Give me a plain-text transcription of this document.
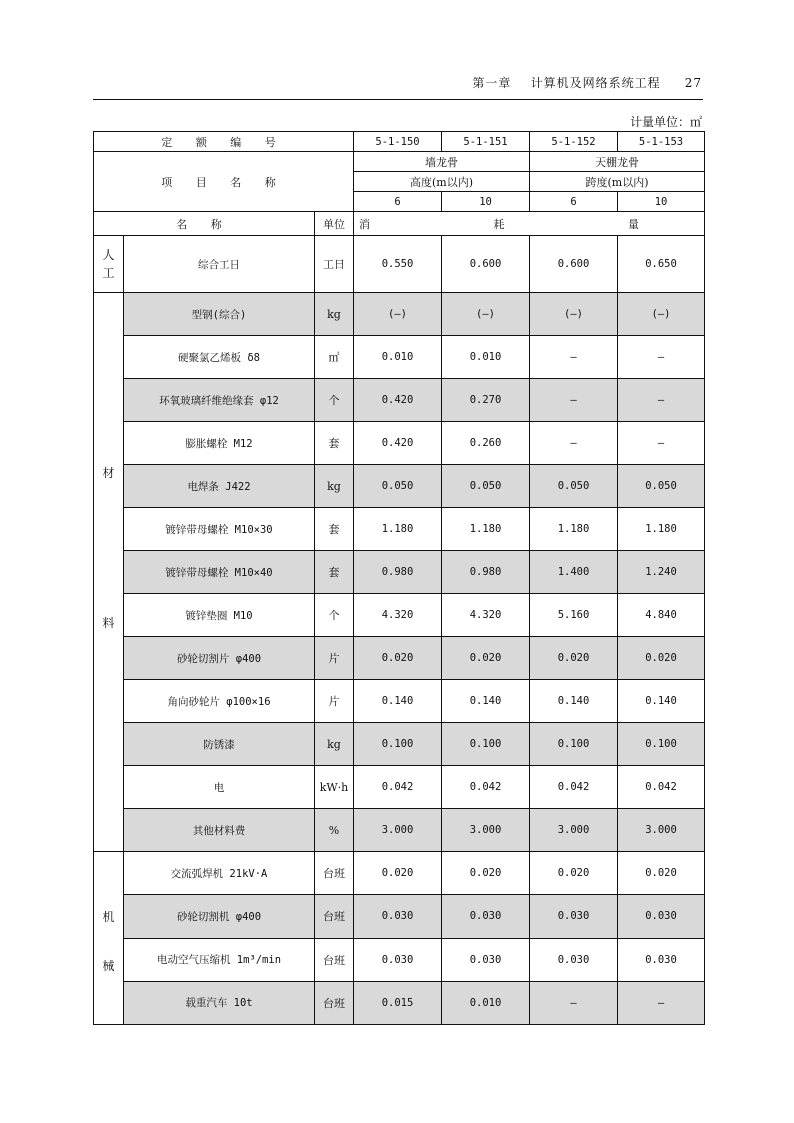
第一章 计算机及网络系统工程 27
计量单位：㎡
定 额 编 号			5-1-150	5-1-151	5-1-152	5-1-153
项 目 名 称			墙龙骨		天棚龙骨	
			高度(m以内)		跨度(m以内)	
			6	10	6	10
名 称		单位	消 耗 量			

人
工	综合工日	工日	0.550	0.600	0.600	0.650

材
料	型钢(综合)	kg	(—)	(—)	(—)	(—)
	硬聚氯乙烯板 δ8	㎡	0.010	0.010	—	—
	环氧玻璃纤维绝缘套 φ12	个	0.420	0.270	—	—
	膨胀螺栓 M12	套	0.420	0.260	—	—
	电焊条 J422	kg	0.050	0.050	0.050	0.050
	镀锌带母螺栓 M10×30	套	1.180	1.180	1.180	1.180
	镀锌带母螺栓 M10×40	套	0.980	0.980	1.400	1.240
	镀锌垫圈 M10	个	4.320	4.320	5.160	4.840
	砂轮切割片 φ400	片	0.020	0.020	0.020	0.020
	角向砂轮片 φ100×16	片	0.140	0.140	0.140	0.140
	防锈漆	kg	0.100	0.100	0.100	0.100
	电	kW·h	0.042	0.042	0.042	0.042
	其他材料费	%	3.000	3.000	3.000	3.000

机
械	交流弧焊机 21kV·A	台班	0.020	0.020	0.020	0.020
	砂轮切割机 φ400	台班	0.030	0.030	0.030	0.030
	电动空气压缩机 1m³/min	台班	0.030	0.030	0.030	0.030
	载重汽车 10t	台班	0.015	0.010	—	—
